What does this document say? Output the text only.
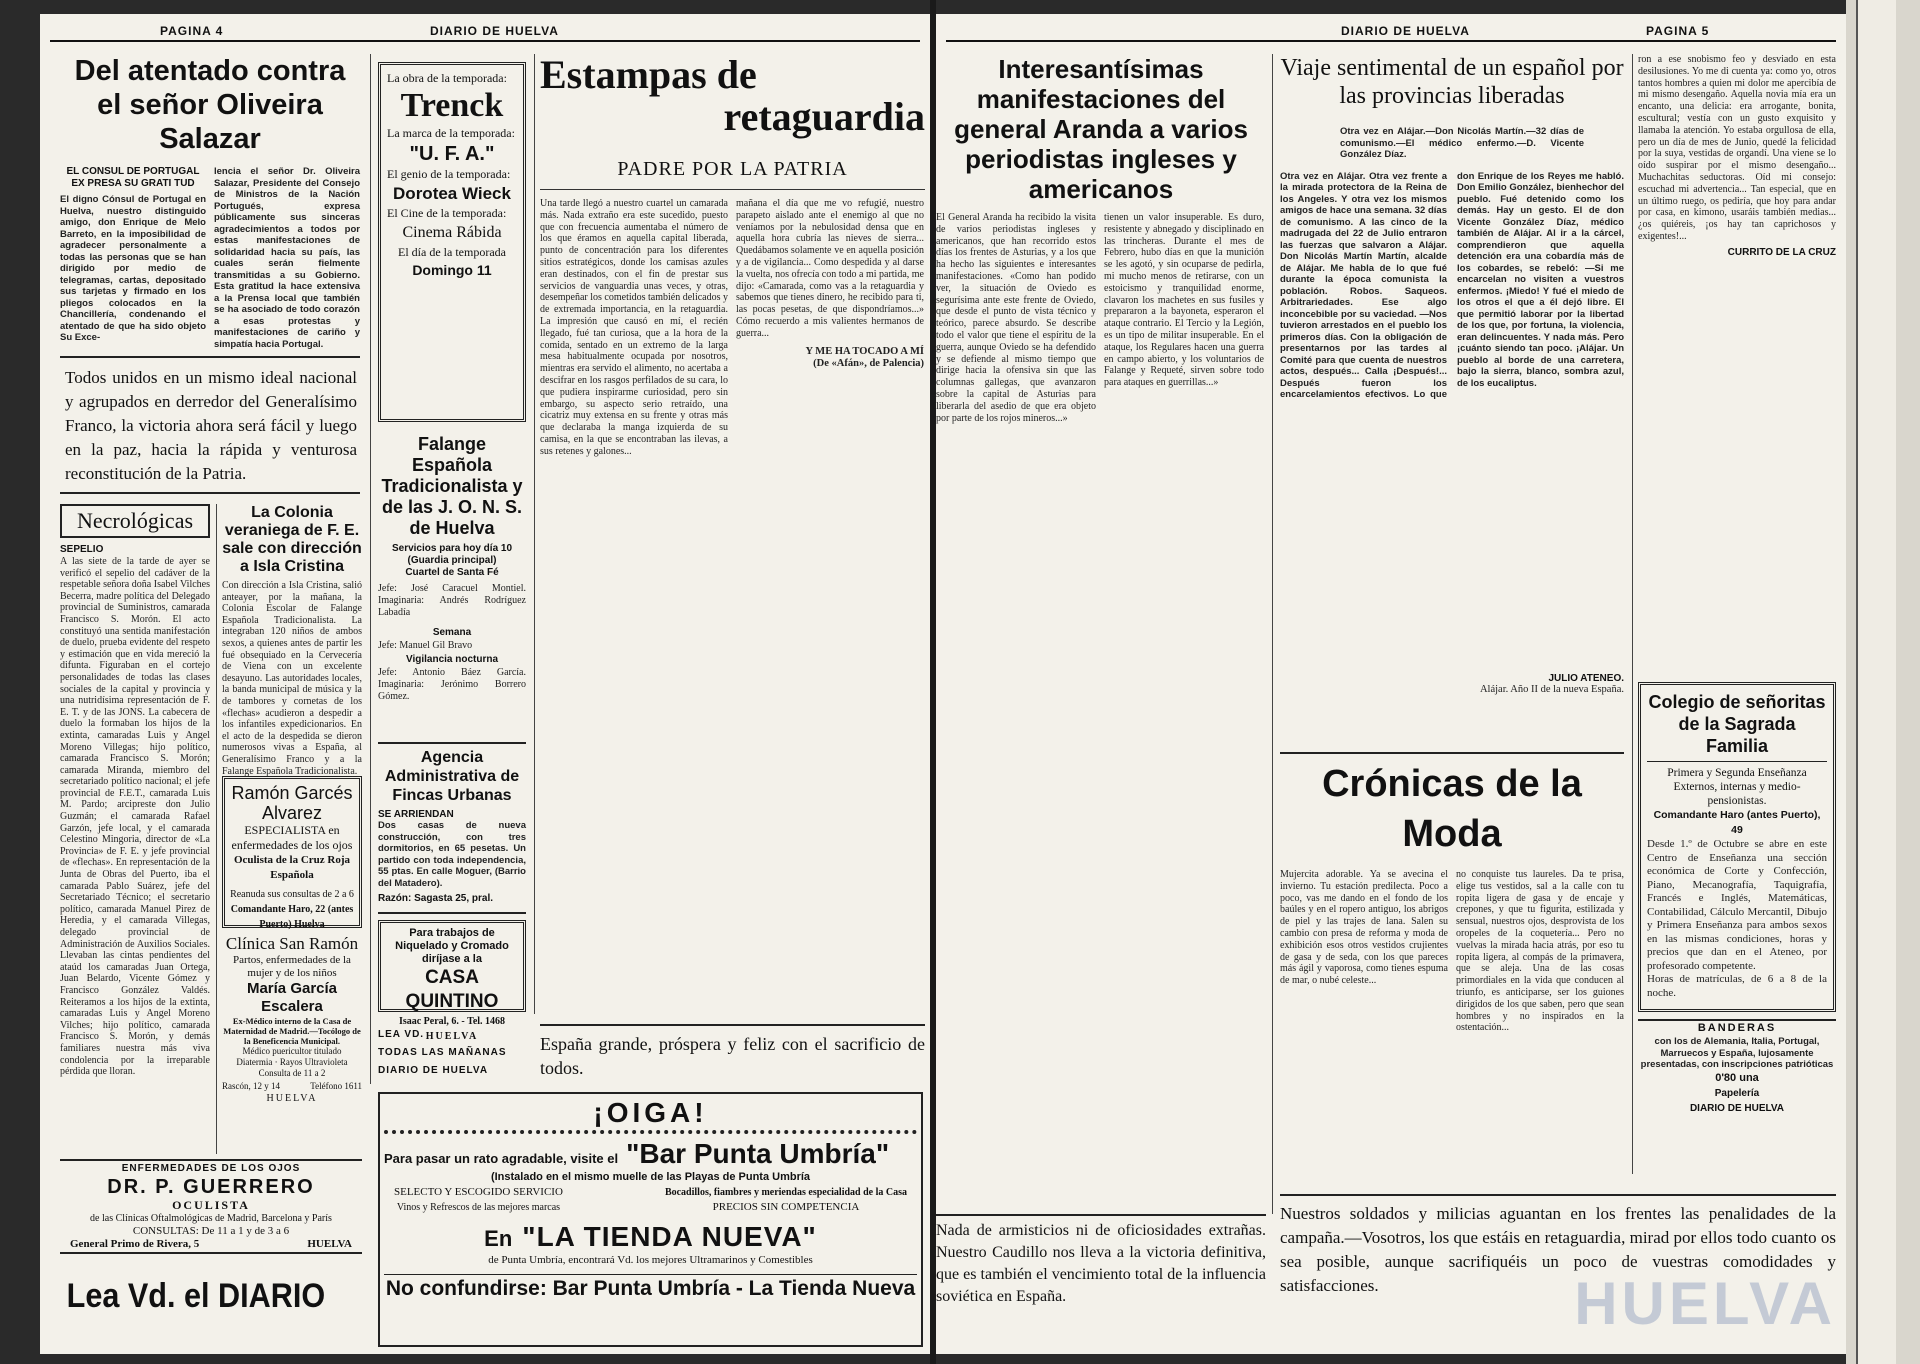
PAGINA 4	DIARIO DE HUELVA
Del atentado contra el señor Oliveira Salazar
EL CONSUL DE PORTUGAL EX PRESA SU GRATI TUD
El digno Cónsul de Portugal en Huelva, nuestro distinguido amigo, don Enrique de Melo Barreto, en la imposibilidad de agradecer personalmente a todas las personas que se han dirigido por medio de telegramas, cartas, depositado sus tarjetas y firmado en los pliegos colocados en la Chancillería, condenando el atentado de que ha sido objeto Su Exce-
lencia el señor Dr. Oliveira Salazar, Presidente del Consejo de Ministros de la Nación Portugués, expresa públicamente sus sinceras agradecimientos a todos por estas manifestaciones de solidaridad hacia su país, las cuales serán fielmente transmitidas a su Gobierno. Esta gratitud la hace extensiva a la Prensa local que también se ha asociado de todo corazón a esas protestas y manifestaciones de cariño y simpatía hacia Portugal.
Todos unidos en un mismo ideal nacional y agrupados en derredor del Generalísimo Franco, la victoria ahora será fácil y luego en la paz, hacia la rápida y venturosa reconstitución de la Patria.
Necrológicas
SEPELIO
A las siete de la tarde de ayer se verificó el sepelio del cadáver de la respetable señora doña Isabel Vilches Becerra, madre política del Delegado provincial de Suministros, camarada Francisco S. Morón. El acto constituyó una sentida manifestación de duelo, prueba evidente del respeto y estimación que en vida mereció la difunta. Figuraban en el cortejo personalidades de todas las clases sociales de la capital y provincia y una nutridísima representación de F. E. T. y de las JONS. La cabecera de duelo la formaban los hijos de la extinta, camaradas Luis y Angel Moreno Villegas; hijo político, camarada Francisco S. Morón; camarada Miranda, miembro del secretariado político nacional; el jefe provincial de F.E.T., camarada Luis M. Pardo; arcipreste don Julio Guzmán; el camarada Rafael Garzón, jefe local, y el camarada Celestino Mingoria, director de «La Provincia» de F. E. y jefe provincial de «flechas». En representación de la Junta de Obras del Puerto, iba el camarada Pablo Suárez, jefe del Secretariado Técnico; el secretario político, camarada Manuel Pirez de Heredia, y el camarada Villegas, delegado provincial de Administración de Auxilios Sociales. Llevaban las cintas pendientes del ataúd los camaradas Juan Ortega, Juan Belardo, Vicente Gómez y Francisco González Valdés. Reiteramos a los hijos de la extinta, camaradas Luis y Angel Moreno Vilches; hijo político, camarada Francisco S. Morón, y demás familiares nuestra más viva condolencia por la irreparable pérdida que lloran.
La Colonia veraniega de F. E. sale con dirección a Isla Cristina
Con dirección a Isla Cristina, salió anteayer, por la mañana, la Colonia Escolar de Falange Española Tradicionalista. La integraban 120 niños de ambos sexos, a quienes antes de partir les fué obsequiado en la Cervecería de Viena con un excelente desayuno. Las autoridades locales, la banda municipal de música y la de tambores y cornetas de los «flechas» acudieron a despedir a los infantiles expedicionarios. En el acto de la despedida se dieron numerosos vivas a España, al Generalísimo Franco y a la Falange Española Tradicionalista.
Ramón Garcés Alvarez
ESPECIALISTA en enfermedades de los ojos
Oculista de la Cruz Roja Española
Reanuda sus consultas de 2 a 6
Comandante Haro, 22 (antes Puerto) Huelva
Clínica San Ramón
Partos, enfermedades de la mujer y de los niños
María García Escalera
Ex-Médico interno de la Casa de Maternidad de Madrid.—Tocólogo de la Beneficencia Municipal.
Médico puericultor titulado
Diatermia · Rayos Ultravioleta
Consulta de 11 a 2
Rascón, 12 y 14	Teléfono 1611
HUELVA
ENFERMEDADES DE LOS OJOS
DR. P. GUERRERO
OCULISTA
de las Clínicas Oftalmológicas de Madrid, Barcelona y París
CONSULTAS: De 11 a 1 y de 3 a 6
General Primo de Rivera, 5	HUELVA
Lea Vd. el DIARIO
La obra de la temporada:
Trenck
La marca de la temporada:
"U. F. A."
El genio de la temporada:
Dorotea Wieck
El Cine de la temporada:
Cinema Rábida
El día de la temporada
Domingo 11
Falange Española Tradicionalista y de las J. O. N. S. de Huelva
Servicios para hoy día 10 (Guardia principal)
Cuartel de Santa Fé
Jefe: José Caracuel Montiel. Imaginaria: Andrés Rodríguez Labadía
Semana
Jefe: Manuel Gil Bravo
Vigilancia nocturna
Jefe: Antonio Báez García. Imaginaria: Jerónimo Borrero Gómez.
Agencia Administrativa de Fincas Urbanas
SE ARRIENDAN
Dos casas de nueva construcción, con tres dormitorios, en 65 pesetas. Un partido con toda independencia, 55 ptas. En calle Moguer, (Barrio del Matadero).
Razón: Sagasta 25, pral.
Para trabajos de Niquelado y Cromado diríjase a la
CASA QUINTINO
Isaac Peral, 6. - Tel. 1468
HUELVA
LEA VD.
TODAS LAS MAÑANAS
DIARIO DE HUELVA
Estampas de
retaguardia
PADRE POR LA PATRIA
Una tarde llegó a nuestro cuartel un camarada más. Nada extraño era este sucedido, puesto que con frecuencia aumentaba el número de los que éramos en aquella capital liberada, punto de concentración para los diferentes sitios estratégicos, donde los camisas azules eran destinados, con el fin de prestar sus servicios de vanguardia unas veces, y otras, desempeñar los cometidos también delicados y de extremada importancia, en la retaguardia. La impresión que causó en mí, el recién llegado, fué tan curiosa, que a la hora de la comida, sentado en un extremo de la larga mesa habitualmente ocupada por nosotros, mientras era servido el alimento, no acertaba a descifrar en los rasgos perfilados de su cara, lo que pudiera inspirarme curiosidad, pero sin embargo, su aspecto serio retraído, una cicatriz muy extensa en su frente y otras más que declaraba la manga izquierda de su camisa, en la que se encontraban las ilevas, a sus retenes y galones...
mañana el día que me vo refugié, nuestro parapeto aislado ante el enemigo al que no veníamos por la nebulosidad densa que en aquella hora cubría las nieves de sierra... Quedábamos solamente ve en aquella posición y a de vigilancia... Como despedida y al darse la vuelta, nos ofrecía con todo a mi partida, me dijo: «Camarada, como vas a la retaguardia y sabemos que tienes dinero, he recibido para ti, las pocas pesetas, de que dispondríamos...» Cómo recuerdo a mis valientes hermanos de guerra...
Y ME HA TOCADO A MÍ
(De «Afán», de Palencia)
España grande, próspera y feliz con el sacrificio de todos.
¡OIGA!
Para pasar un rato agradable, visite el "Bar Punta Umbría"
(Instalado en el mismo muelle de las Playas de Punta Umbría
SELECTO Y ESCOGIDO SERVICIO
Vinos y Refrescos de las mejores marcas
Bocadillos, fiambres y meriendas especialidad de la Casa
PRECIOS SIN COMPETENCIA
En "LA TIENDA NUEVA"
de Punta Umbría, encontrará Vd. los mejores Ultramarinos y Comestibles
No confundirse: Bar Punta Umbría - La Tienda Nueva
DIARIO DE HUELVA	PAGINA 5
Interesantísimas manifestaciones del general Aranda a varios periodistas ingleses y americanos
El General Aranda ha recibido la visita de varios periodistas ingleses y americanos, que han recorrido estos días los frentes de Asturias, y a los que ha hecho las siguientes e interesantes manifestaciones. «Como han podido ver, la situación de Oviedo es segurísima ante este frente de Oviedo, que desde el punto de vista técnico y teórico, parece absurdo. Se describe todo el valor que tiene el espíritu de la guerra, aunque Oviedo se ha defendido y se defiende al mismo tiempo que dirige hacia la ofensiva sin que las columnas gallegas, que avanzaron sobre la capital de Asturias para liberarla del asedio de que era objeto por parte de los rojos mineros...»
tienen un valor insuperable. Es duro, resistente y abnegado y disciplinado en las trincheras. Durante el mes de Febrero, hubo días en que la munición se les agotó, y sin ocuparse de pedirla, mi mucho menos de retirarse, con un estoicismo y tranquilidad enorme, clavaron los machetes en sus fusiles y prepararon a la bayoneta, esperaron el ataque contrario. El Tercio y la Legión, es un tipo de militar insuperable. En el ataque, los Regulares hacen una guerra en campo abierto, y los voluntarios de Falange y Requeté, sirven sobre todo para ataques en guerrillas...»
Nada de armisticios ni de oficiosidades extrañas. Nuestro Caudillo nos lleva a la victoria definitiva, que es también el vencimiento total de la influencia soviética en España.
Viaje sentimental de un español por las provincias liberadas
Otra vez en Alájar.—Don Nicolás Martín.—32 días de comunismo.—El médico enfermo.—D. Vicente González Díaz.
Otra vez en Alájar. Otra vez frente a la mirada protectora de la Reina de los Angeles. Y otra vez los mismos amigos de hace una semana. 32 días de comunismo. A las cinco de la madrugada del 22 de Julio entraron las fuerzas que salvaron a Alájar. Don Nicolás Martín Martín, alcalde de Alájar. Me habla de lo que fué durante la época comunista la población. Robos. Saqueos. Arbitrariedades. Ese algo inconcebible por su vaciedad. —Nos tuvieron arrestados en el pueblo los primeros días. Con la obligación de presentarnos por las tardes al Comité para que cuenta de nuestros actos, después... Calla ¡Después!... Después fueron los encarcelamientos efectivos. Lo que don Enrique de los Reyes me habló. Don Emilio González, bienhechor del pueblo. Fué detenido como los demás. Hay un gesto. El de don Vicente González Díaz, médico también de Alájar. Al ir a la cárcel, comprendieron que aquella detención era una cobardía más de los cobardes, se rebeló: —Si me encarcelan no visiten a vuestros enfermos. ¡Miedo! Y fué el miedo de los otros el que a él dejó libre. El que permitió laborar por la libertad de los que, por fortuna, la violencia, eran delincuentes. Y nada más. Pero ¡cuánto siendo tan poco. ¡Alájar. Un pueblo al borde de una carretera, bajo la sierra, blanco, sombra azul, de los eucaliptus.
JULIO ATENEO.
Alájar. Año II de la nueva España.
Crónicas de la Moda
Mujercita adorable. Ya se avecina el invierno. Tu estación predilecta. Poco a poco, vas me dando en el fondo de los baúles y en el ropero antiguo, los abrigos de piel y las trajes de lana. Salen su cambio con presa de reforma y moda de exhibición esos otros vestidos crujientes de gasa y de seda, con los que pareces más ágil y vaporosa, como tienes espuma de mar, o nubé celeste...
no conquiste tus laureles. Da te prisa, elige tus vestidos, sal a la calle con tu ropita ligera de gasa y de encaje y crepones, y que tu figurita, estilizada y sensual, nuestros ojos, desprovista de los oropeles de la coquetería... Pero no vuelvas la mirada hacia atrás, por eso tu ropita ligera, al compás de la primavera, que se aleja. Una de las cosas primordiales en la vida que conducen al triunfo, es anticiparse, ser los guiones dirigidos de los que saben, pero que sean hombres y no inspirados en la ostentación...
ron a ese snobismo feo y desviado en esta desilusiones. Yo me di cuenta ya: como yo, otros tantos hombres a quien mi dolor me apercibía de mi mismo desengaño. Aquella novia mía era un encanto, una delicia: era arrogante, bonita, escultural; vestía con un gusto exquisito y llamaba la atención. Yo estaba orgullosa de ella, pero un día de mes de Junio, quedé la felicidad por la suya, vestidas de organdí. Una viene se lo oído suspirar por el mismo desengaño... Muchachitas seductoras. Oíd mi consejo: escuchad mi advertencia... Tan especial, que en un último ruego, os pediría, que hoy para andar por casa, en kimono, usaráis también medias... ¿os quiéreis, ¡os hay tan caprichosos y exigentes!...
CURRITO DE LA CRUZ
Colegio de señoritas de la Sagrada Familia
Primera y Segunda Enseñanza Externos, internas y medio-pensionistas.
Comandante Haro (antes Puerto), 49
Desde 1.º de Octubre se abre en este Centro de Enseñanza una sección económica de Corte y Confección, Piano, Mecanografía, Taquigrafía, Francés e Inglés, Matemáticas, Contabilidad, Cálculo Mercantil, Dibujo y Primera Enseñanza para ambos sexos en las mismas condiciones, horas y precios que dan en el Ateneo, por profesorado competente.
Horas de matrículas, de 6 a 8 de la noche.
BANDERAS
con los de Alemania, Italia, Portugal, Marruecos y España, lujosamente presentadas, con inscripciones patrióticas
0'80 una
Papelería
DIARIO DE HUELVA
Nuestros soldados y milicias aguantan en los frentes las penalidades de la campaña.—Vosotros, los que estáis en retaguardia, mirad por ellos todo cuanto os sea posible, aunque sacrifiquéis un poco de vuestras comodidades y satisfacciones.	HUELVA
